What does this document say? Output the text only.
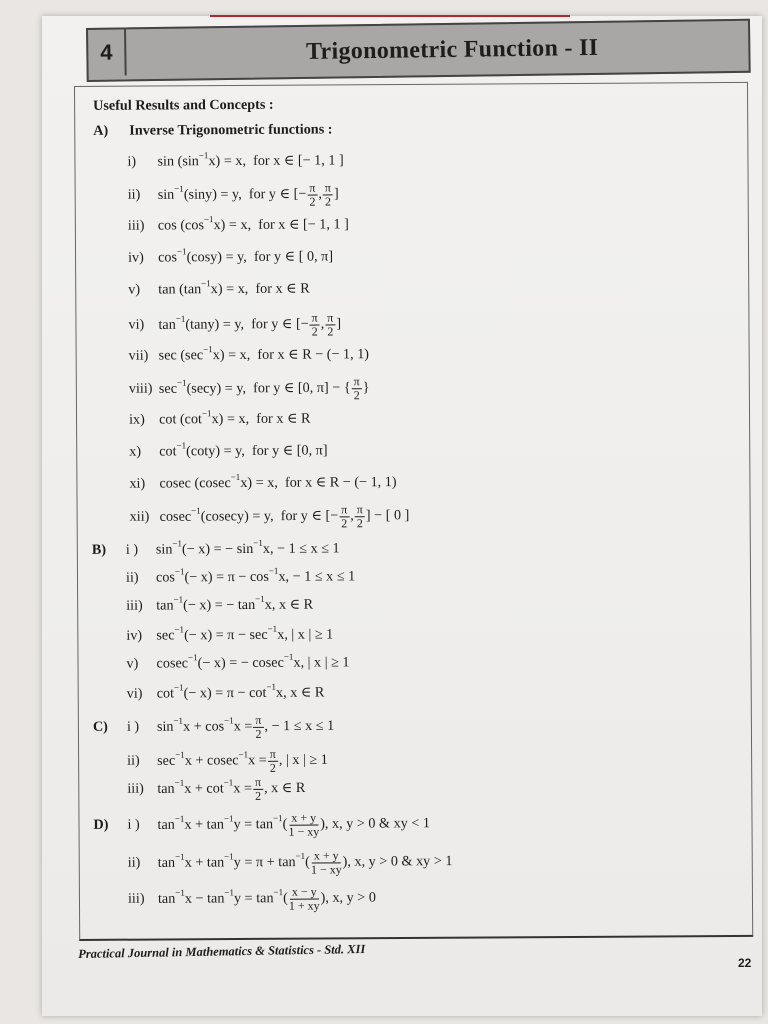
4	Trigonometric Function - II
Useful Results and Concepts :
A) Inverse Trigonometric functions :
i) $\sin (\sin^{-1}x) = x$, for x ∈ [− 1, 1 ]
ii) $\sin^{-1}(\sin y) = y$, for y ∈ [− $\frac{\pi}{2}$ , $\frac{\pi}{2}$ ]
iii) $\cos (\cos^{-1}x) = x$, for x ∈ [− 1, 1 ]
iv) $\cos^{-1}(\cos y) = y$, for y ∈ [ 0, π]
v) $\tan (\tan^{-1}x) = x$, for x ∈ R
vi) $\tan^{-1}(\tan y) = y$, for y ∈ [− $\frac{\pi}{2}$ , $\frac{\pi}{2}$ ]
vii) $\sec (\sec^{-1}x) = x$, for x ∈ R − (− 1, 1)
viii) $\sec^{-1}(\sec y) = y$, for y ∈ [0, π] − { $\frac{\pi}{2}$ }
ix) $\cot (\cot^{-1}x) = x$, for x ∈ R
x) $\cot^{-1}(\cot y) = y$, for y ∈ [0, π]
xi) cosec (cosec$^{-1}$x) = x, for x ∈ R − (− 1, 1)
xii) cosec$^{-1}$(cosecy) = y, for y ∈ [− $\frac{\pi}{2}$ , $\frac{\pi}{2}$ ] − [ 0 ]
B) i ) $\sin^{-1}(- x)$ = − $\sin^{-1}x$, − 1 ≤ x ≤ 1
ii) $\cos^{-1}(- x) = \pi - \cos^{-1}x$, − 1 ≤ x ≤ 1
iii) $\tan^{-1}(- x)$ = − $\tan^{-1}x$, x ∈ R
iv) $\sec^{-1}(- x) = \pi - \sec^{-1}x$, | x | ≥ 1
v) cosec$^{-1}$(− x) = − cosec$^{-1}$x, | x | ≥ 1
vi) $\cot^{-1}(- x) = \pi - \cot^{-1}x$, x ∈ R
C) i ) $\sin^{-1}x + \cos^{-1}x = \frac{\pi}{2}$ , − 1 ≤ x ≤ 1
ii) $\sec^{-1}x + cosec^{-1}x = \frac{\pi}{2}$ , | x | ≥ 1
iii) $\tan^{-1}x + \cot^{-1}x = \frac{\pi}{2}$ , x ∈ R
D) i ) $\tan^{-1}x + \tan^{-1}y = \tan^{-1}( \frac{x + y}{1 - xy}$ ), x, y > 0 & xy < 1
ii) $\tan^{-1}x + \tan^{-1}y = \pi + \tan^{-1}( \frac{x + y}{1 - xy}$ ), x, y > 0 & xy > 1
iii) $\tan^{-1}x - \tan^{-1}y = \tan^{-1}( \frac{x - y}{1 + xy}$ ), x, y > 0
Practical Journal in Mathematics & Statistics - Std. XII
22
